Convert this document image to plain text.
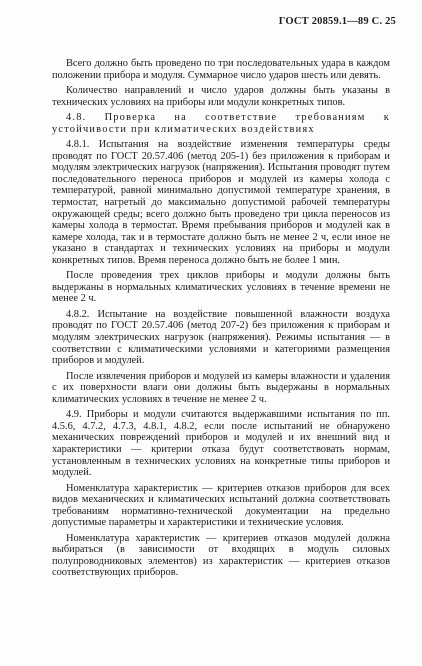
ГОСТ 20859.1—89 С. 25

Всего должно быть проведено по три последовательных удара в каждом положении прибора и модуля. Суммарное число ударов шесть или девять.

Количество направлений и число ударов должны быть указаны в технических условиях на приборы или модули конкретных типов.

4.8. Проверка на соответствие требованиям к устойчивости при климатических воздействиях

4.8.1. Испытания на воздействие изменения температуры среды проводят по ГОСТ 20.57.406 (метод 205-1) без приложения к приборам и модулям электрических нагрузок (напряжения). Испытания проводят путем последовательного переноса приборов и модулей из камеры холода с температурой, равной минимально допустимой температуре хранения, в термостат, нагретый до максимально допустимой рабочей температуры окружающей среды; всего должно быть проведено три цикла переносов из камеры холода в термостат. Время пребывания приборов и модулей как в камере холода, так и в термостате должно быть не менее 2 ч, если иное не указано в стандартах и технических условиях на приборы и модули конкретных типов. Время переноса должно быть не более 1 мин.

После проведения трех циклов приборы и модули должны быть выдержаны в нормальных климатических условиях в течение времени не менее 2 ч.

4.8.2. Испытание на воздействие повышенной влажности воздуха проводят по ГОСТ 20.57.406 (метод 207-2) без приложения к приборам и модулям электрических нагрузок (напряжения). Режимы испытания — в соответствии с климатическими условиями и категориями размещения приборов и модулей.

После извлечения приборов и модулей из камеры влажности и удаления с их поверхности влаги они должны быть выдержаны в нормальных климатических условиях в течение не менее 2 ч.

4.9. Приборы и модули считаются выдержавшими испытания по пп. 4.5.6, 4.7.2, 4.7.3, 4.8.1, 4.8.2, если после испытаний не обнаружено механических повреждений приборов и модулей и их внешний вид и характеристики — критерии отказа будут соответствовать нормам, установленным в технических условиях на конкретные типы приборов и модулей.

Номенклатура характеристик — критериев отказов приборов для всех видов механических и климатических испытаний должна соответствовать требованиям нормативно-технической документации на предельно допустимые параметры и характеристики и технические условия.

Номенклатура характеристик — критериев отказов модулей должна выбираться (в зависимости от входящих в модуль силовых полупроводниковых элементов) из характеристик — критериев отказов соответствующих приборов.
